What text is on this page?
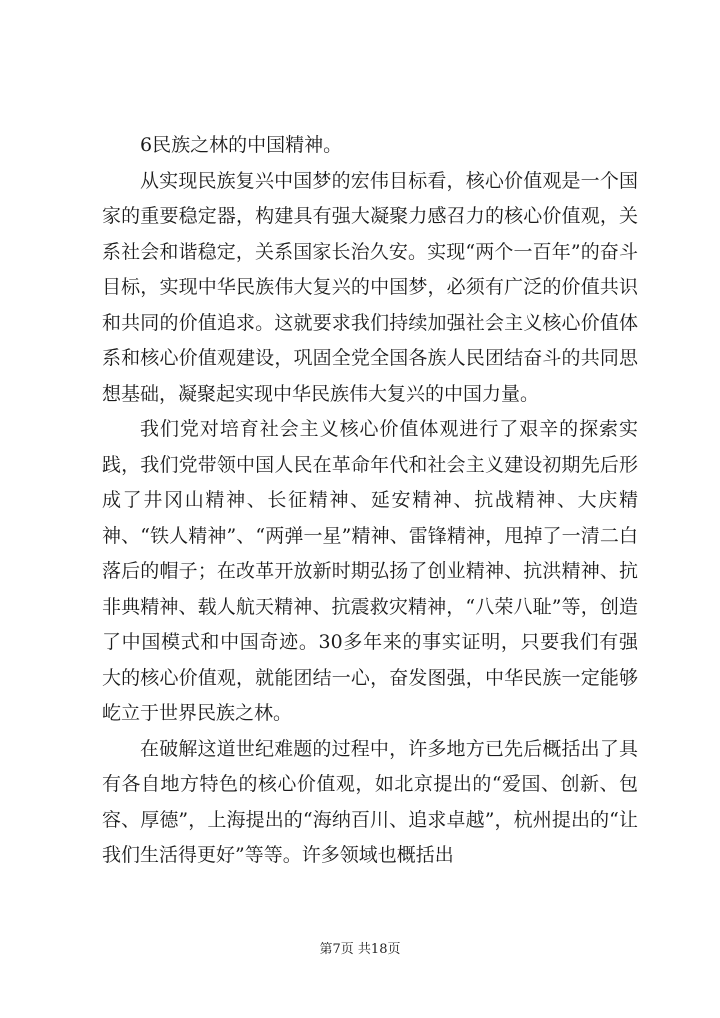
6民族之林的中国精神。

从实现民族复兴中国梦的宏伟目标看，核心价值观是一个国家的重要稳定器，构建具有强大凝聚力感召力的核心价值观，关系社会和谐稳定，关系国家长治久安。实现“两个一百年”的奋斗目标，实现中华民族伟大复兴的中国梦，必须有广泛的价值共识和共同的价值追求。这就要求我们持续加强社会主义核心价值体系和核心价值观建设，巩固全党全国各族人民团结奋斗的共同思想基础，凝聚起实现中华民族伟大复兴的中国力量。

我们党对培育社会主义核心价值体观进行了艰辛的探索实践，我们党带领中国人民在革命年代和社会主义建设初期先后形成了井冈山精神、长征精神、延安精神、抗战精神、大庆精神、“铁人精神”、“两弹一星”精神、雷锋精神，甩掉了一清二白落后的帽子；在改革开放新时期弘扬了创业精神、抗洪精神、抗非典精神、载人航天精神、抗震救灾精神，“八荣八耻”等，创造了中国模式和中国奇迹。30多年来的事实证明，只要我们有强大的核心价值观，就能团结一心，奋发图强，中华民族一定能够屹立于世界民族之林。

在破解这道世纪难题的过程中，许多地方已先后概括出了具有各自地方特色的核心价值观，如北京提出的“爱国、创新、包容、厚德”，上海提出的“海纳百川、追求卓越”，杭州提出的“让我们生活得更好”等等。许多领域也概括出

第7页 共18页
